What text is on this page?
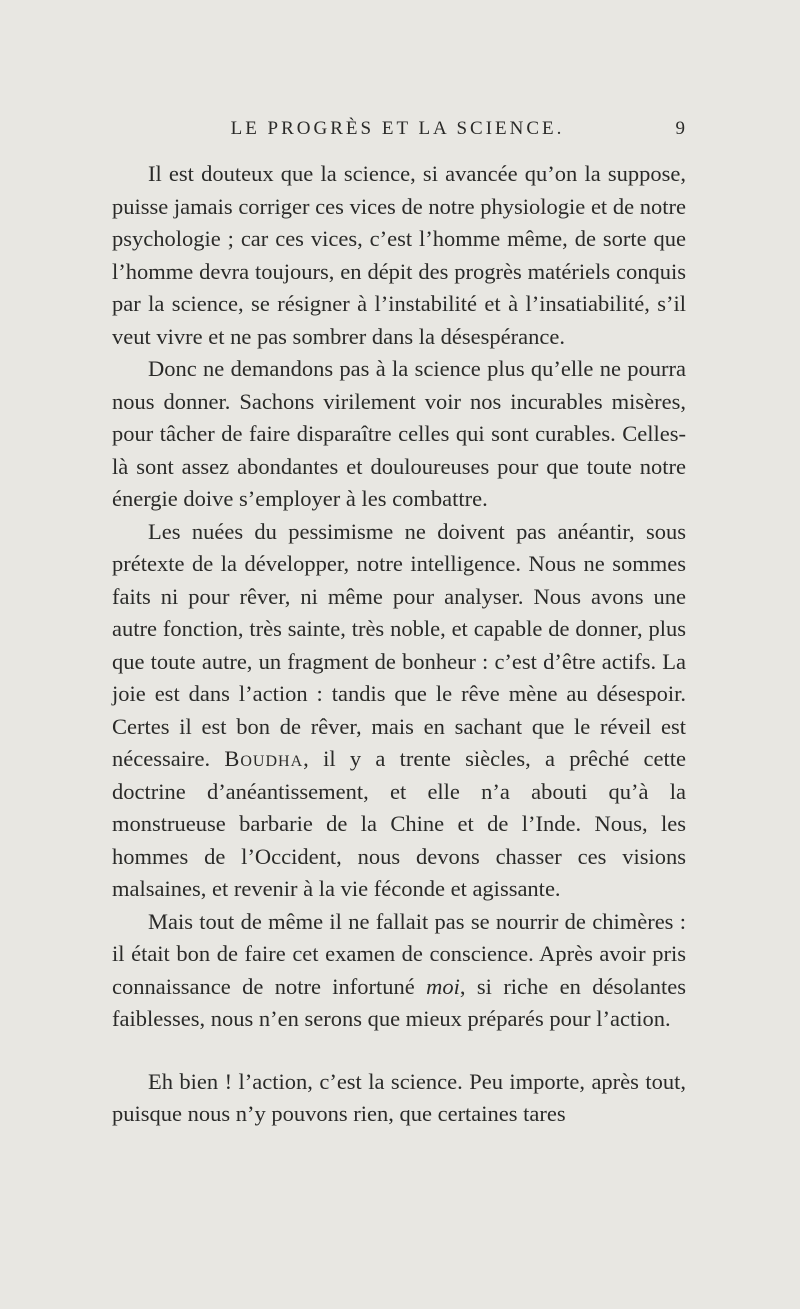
LE PROGRÈS ET LA SCIENCE.	9

Il est douteux que la science, si avancée qu’on la suppose, puisse jamais corriger ces vices de notre physiologie et de notre psychologie ; car ces vices, c’est l’homme même, de sorte que l’homme devra toujours, en dépit des progrès matériels conquis par la science, se résigner à l’instabilité et à l’insatiabilité, s’il veut vivre et ne pas sombrer dans la désespérance.

Donc ne demandons pas à la science plus qu’elle ne pourra nous donner. Sachons virilement voir nos incurables misères, pour tâcher de faire disparaître celles qui sont curables. Celles-là sont assez abondantes et douloureuses pour que toute notre énergie doive s’employer à les combattre.

Les nuées du pessimisme ne doivent pas anéantir, sous prétexte de la développer, notre intelligence. Nous ne sommes faits ni pour rêver, ni même pour analyser. Nous avons une autre fonction, très sainte, très noble, et capable de donner, plus que toute autre, un fragment de bonheur : c’est d’être actifs. La joie est dans l’action : tandis que le rêve mène au désespoir. Certes il est bon de rêver, mais en sachant que le réveil est nécessaire. Boudha, il y a trente siècles, a prêché cette doctrine d’anéantissement, et elle n’a abouti qu’à la monstrueuse barbarie de la Chine et de l’Inde. Nous, les hommes de l’Occident, nous devons chasser ces visions malsaines, et revenir à la vie féconde et agissante.

Mais tout de même il ne fallait pas se nourrir de chimères : il était bon de faire cet examen de conscience. Après avoir pris connaissance de notre infortuné moi, si riche en désolantes faiblesses, nous n’en serons que mieux préparés pour l’action.

Eh bien ! l’action, c’est la science. Peu importe, après tout, puisque nous n’y pouvons rien, que certaines tares
